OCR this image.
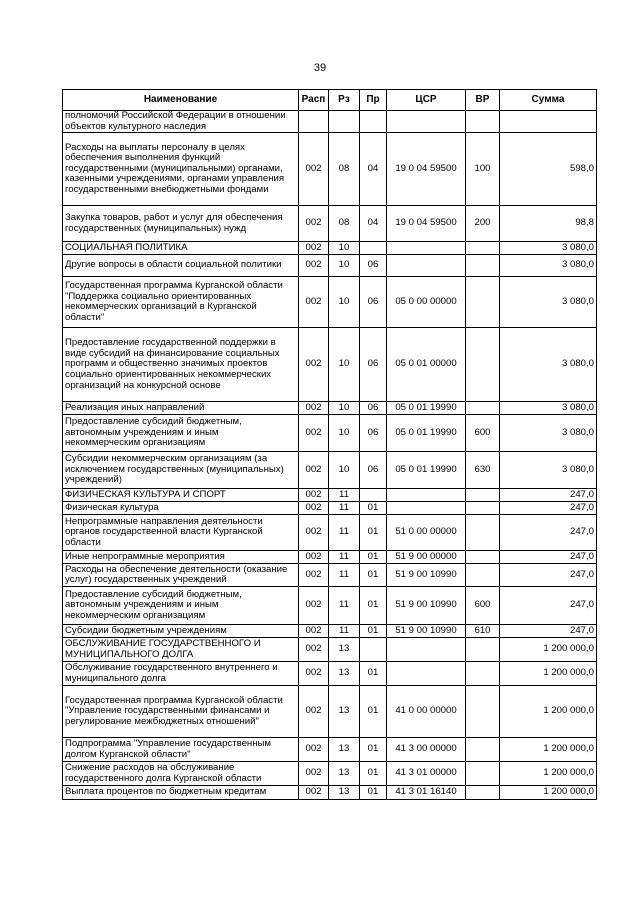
39
Наименование	Расп	Рз	Пр	ЦСР	ВР	Сумма
полномочий Российской Федерации в отношении объектов культурного наследия						
Расходы на выплаты персоналу в целях обеспечения выполнения функций государственными (муниципальными) органами, казенными учреждениями, органами управления государственными внебюджетными фондами	002	08	04	19 0 04 59500	100	598,0
Закупка товаров, работ и услуг для обеспечения государственных (муниципальных) нужд	002	08	04	19 0 04 59500	200	98,8
СОЦИАЛЬНАЯ ПОЛИТИКА	002	10				3 080,0
Другие вопросы в области социальной политики	002	10	06			3 080,0
Государственная программа Курганской области "Поддержка социально ориентированных некоммерческих организаций в Курганской области"	002	10	06	05 0 00 00000		3 080,0
Предоставление государственной поддержки в виде субсидий на финансирование социальных программ и общественно значимых проектов социально ориентированных некоммерческих организаций на конкурсной основе	002	10	06	05 0 01 00000		3 080,0
Реализация иных направлений	002	10	06	05 0 01 19990		3 080,0
Предоставление субсидий бюджетным, автономным учреждениям и иным некоммерческим организациям	002	10	06	05 0 01 19990	600	3 080,0
Субсидии некоммерческим организациям (за исключением государственных (муниципальных) учреждений)	002	10	06	05 0 01 19990	630	3 080,0
ФИЗИЧЕСКАЯ КУЛЬТУРА И СПОРТ	002	11				247,0
Физическая культура	002	11	01			247,0
Непрограммные направления деятельности органов государственной власти Курганской области	002	11	01	51 0 00 00000		247,0
Иные непрограммные мероприятия	002	11	01	51 9 00 00000		247,0
Расходы на обеспечение деятельности (оказание услуг) государственных учреждений	002	11	01	51 9 00 10990		247,0
Предоставление субсидий бюджетным, автономным учреждениям и иным некоммерческим организациям	002	11	01	51 9 00 10990	600	247,0
Субсидии бюджетным учреждениям	002	11	01	51 9 00 10990	610	247,0
ОБСЛУЖИВАНИЕ ГОСУДАРСТВЕННОГО И МУНИЦИПАЛЬНОГО ДОЛГА	002	13				1 200 000,0
Обслуживание государственного внутреннего и муниципального долга	002	13	01			1 200 000,0
Государственная программа Курганской области "Управление государственными финансами и регулирование межбюджетных отношений"	002	13	01	41 0 00 00000		1 200 000,0
Подпрограмма "Управление государственным долгом Курганской области"	002	13	01	41 3 00 00000		1 200 000,0
Снижение расходов на обслуживание государственного долга Курганской области	002	13	01	41 3 01 00000		1 200 000,0
Выплата процентов по бюджетным кредитам	002	13	01	41 3 01 16140		1 200 000,0
